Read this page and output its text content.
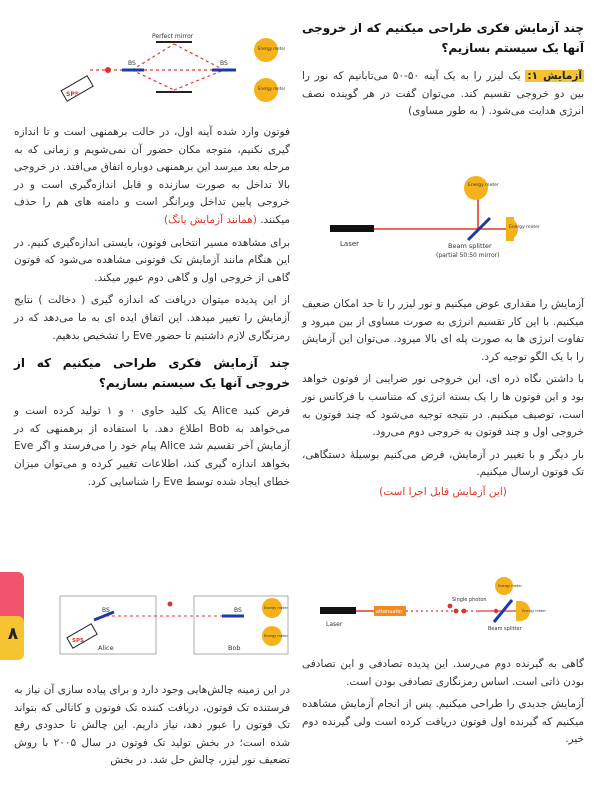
چند آزمایش فکری طراحی میکنیم که از خروجی آنها یک سیستم بسازیم؟

آزمایش ۱: یک لیزر را به یک آینه ۵۰-۵۰ می‌تابانیم که نور را بین دو خروجی تقسیم کند. می‌توان گفت در هر گوینده نصف انرژی هدایت می‌شود. ( به طور مساوی)

Laser	Beam splitter
(partial 50:50 mirror)
Energy meter
Energy meter

آزمایش را مقداری عوض میکنیم و نور لیزر را تا حد امکان ضعیف میکنیم. با این کار تقسیم انرژی به صورت مساوی از بین میرود و تفاوت انرژی ها به صورت پله ای بالا میرود. می‌توان این آزمایش را با یک الگو توجیه کرد.

با داشتن نگاه ذره ای، این خروجی نور ضرایبی از فوتون خواهد بود و این فوتون ها را یک بسته انرژی که متناسب با فرکانس نور است، توصیف میکنیم. در نتیجه توجیه می‌شود که چند فوتون به خروجی اول و چند فوتون به خروجی دوم می‌رود.

بار دیگر و با تغییر در آزمایش، فرض می‌کنیم بوسیلهٔ دستگاهی، تک فوتون ارسال میکنیم.

(این آزمایش قابل اجرا است)
Laser
attenuator
Single photon
Beam splitter
Energy meter
Energy meter

گاهی به گیرنده دوم می‌رسد. این پدیده تصادفی و این تصادفی بودن ذاتی است. اساس رمزنگاری تصادفی بودن است.

آزمایش جدیدی را طراحی میکنیم. پس از انجام آزمایش مشاهده میکنیم که گیرنده اول فوتون دریافت کرده است ولی گیرنده دوم خیر.

Perfect mirror
BS	BS
SPS
Energy meter
Energy meter

فوتون وارد شده آینه اول، در حالت برهمنهی است و تا اندازه گیری نکنیم، متوجه مکان حضور آن نمی‌شویم و زمانی که به مرحله بعد میرسد این برهمنهی دوباره اتفاق می‌افتد. در خروجی بالا تداخل به صورت سازنده و قابل اندازه‌گیری است و در خروجی پایین تداخل ویرانگر است و دامنه های هم را حذف میکنند. (همانند آزمایش یانگ)

برای مشاهده مسیر انتخابی فوتون، بایستی اندازه‌گیری کنیم. در این هنگام مانند آزمایش تک فوتونی مشاهده می‌شود که فوتون گاهی از خروجی اول و گاهی دوم عبور میکند.

از این پدیده میتوان دریافت که اندازه گیری ( دخالت ) نتایج آزمایش را تغییر میدهد. این اتفاق ایده ای به ما می‌دهد که در رمزنگاری لازم داشتیم تا حضور Eve را تشخیص بدهیم.

چند آزمایش فکری طراحی میکنیم که از خروجی آنها یک سیستم بسازیم؟

فرض کنید Alice یک کلید حاوی ۰ و ۱ تولید کرده است و می‌خواهد به Bob اطلاع دهد. با استفاده از برهمنهی که در آزمایش آخر تقسیم شد Alice پیام خود را می‌فرستد و اگر Eve بخواهد اندازه گیری کند، اطلاعات تغییر کرده و می‌توان میزان خطای ایجاد شده توسط Eve را شناسایی کرد.

BS	BS
SPS
Alice	Bob
Energy meter
Energy meter

در این زمینه چالش‌هایی وجود دارد و برای پیاده سازی آن نیاز به فرستنده تک فوتون، دریافت کننده تک فوتون و کانالی که بتواند تک فوتون را عبور دهد، نیاز داریم. این چالش تا حدودی رفع شده است؛ در بخش تولید تک فوتون در سال ۲۰۰۵ با روش تضعیف نور لیزر، چالش حل شد. در بخش

۸
